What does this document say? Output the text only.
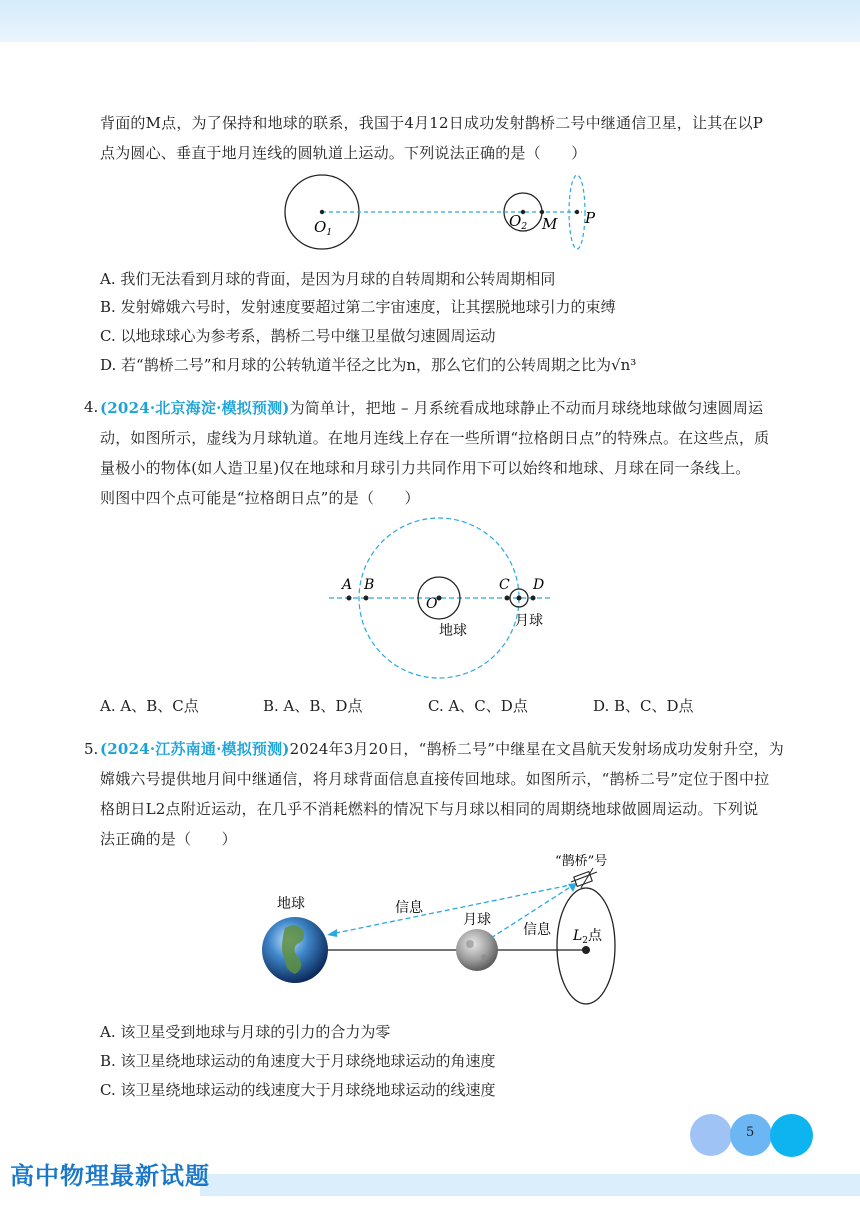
背面的M点，为了保持和地球的联系，我国于4月12日成功发射鹊桥二号中继通信卫星，让其在以P
点为圆心、垂直于地月连线的圆轨道上运动。下列说法正确的是（　　）
$O_1$
$O_2$ M P
A. 我们无法看到月球的背面，是因为月球的自转周期和公转周期相同
B. 发射嫦娥六号时，发射速度要超过第二宇宙速度，让其摆脱地球引力的束缚
C. 以地球球心为参考系，鹊桥二号中继卫星做匀速圆周运动
D. 若“鹊桥二号”和月球的公转轨道半径之比为n，那么它们的公转周期之比为√n³
4. (2024·北京海淀·模拟预测)为简单计，把地 – 月系统看成地球静止不动而月球绕地球做匀速圆周运
动，如图所示，虚线为月球轨道。在地月连线上存在一些所谓“拉格朗日点”的特殊点。在这些点，质
量极小的物体(如人造卫星)仅在地球和月球引力共同作用下可以始终和地球、月球在同一条线上。
则图中四个点可能是“拉格朗日点”的是（　　）
A B	C D
O
地球
月球
A. A、B、C点	B. A、B、D点	C. A、C、D点	D. B、C、D点
5. (2024·江苏南通·模拟预测)2024年3月20日，“鹊桥二号”中继星在文昌航天发射场成功发射升空，为
嫦娥六号提供地月间中继通信，将月球背面信息直接传回地球。如图所示，“鹊桥二号”定位于图中拉
格朗日L2点附近运动，在几乎不消耗燃料的情况下与月球以相同的周期绕地球做圆周运动。下列说
法正确的是（　　）
“鹊桥”号
地球	信息
月球
信息 $L_2$点
A. 该卫星受到地球与月球的引力的合力为零
B. 该卫星绕地球运动的角速度大于月球绕地球运动的角速度
C. 该卫星绕地球运动的线速度大于月球绕地球运动的线速度
5
高中物理最新试题
